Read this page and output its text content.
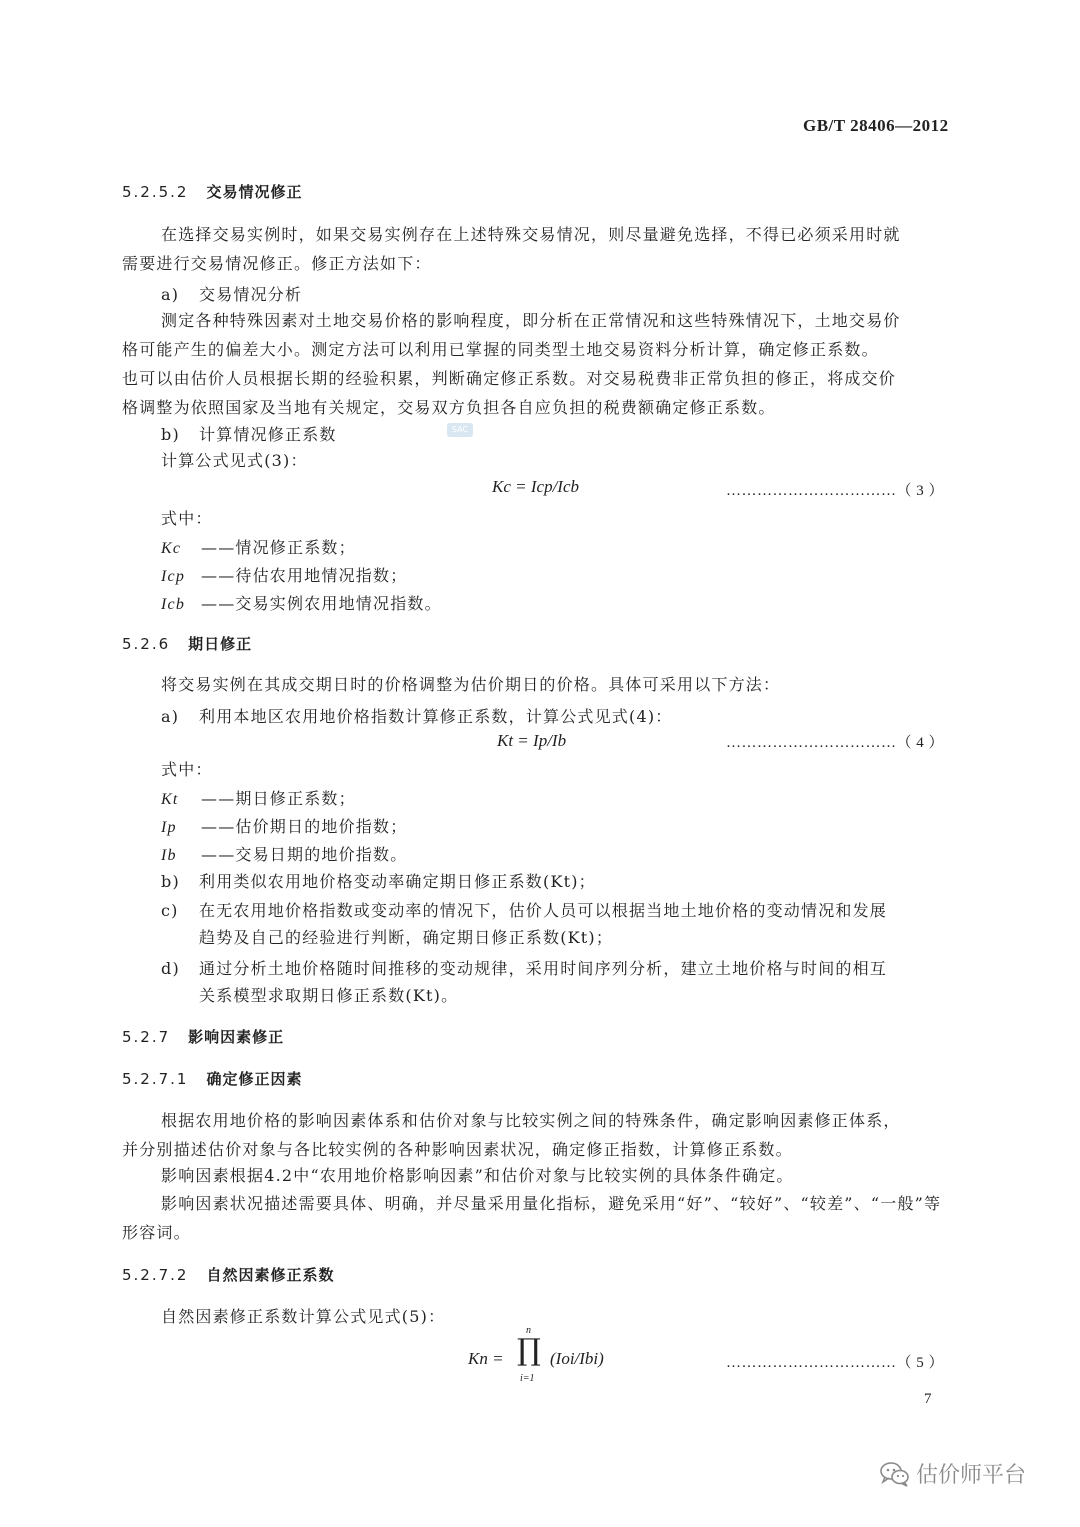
GB/T 28406—2012
5.2.5.2 交易情况修正
在选择交易实例时，如果交易实例存在上述特殊交易情况，则尽量避免选择，不得已必须采用时就
需要进行交易情况修正。修正方法如下：
a) 交易情况分析
测定各种特殊因素对土地交易价格的影响程度，即分析在正常情况和这些特殊情况下，土地交易价
格可能产生的偏差大小。测定方法可以利用已掌握的同类型土地交易资料分析计算，确定修正系数。
也可以由估价人员根据长期的经验积累，判断确定修正系数。对交易税费非正常负担的修正，将成交价
格调整为依照国家及当地有关规定，交易双方负担各自应负担的税费额确定修正系数。
SAC
b) 计算情况修正系数
计算公式见式(3)：
Kc = Icp/Icb	……………………………（ 3 ）
式中：
Kc ——情况修正系数；
Icp ——待估农用地情况指数；
Icb ——交易实例农用地情况指数。
5.2.6 期日修正
将交易实例在其成交期日时的价格调整为估价期日的价格。具体可采用以下方法：
a) 利用本地区农用地价格指数计算修正系数，计算公式见式(4)：
Kt = Ip/Ib	……………………………（ 4 ）
式中：
Kt ——期日修正系数；
Ip ——估价期日的地价指数；
Ib ——交易日期的地价指数。
b) 利用类似农用地价格变动率确定期日修正系数(Kt)；
c) 在无农用地价格指数或变动率的情况下，估价人员可以根据当地土地价格的变动情况和发展
趋势及自己的经验进行判断，确定期日修正系数(Kt)；
d) 通过分析土地价格随时间推移的变动规律，采用时间序列分析，建立土地价格与时间的相互
关系模型求取期日修正系数(Kt)。
5.2.7 影响因素修正
5.2.7.1 确定修正因素
根据农用地价格的影响因素体系和估价对象与比较实例之间的特殊条件，确定影响因素修正体系，
并分别描述估价对象与各比较实例的各种影响因素状况，确定修正指数，计算修正系数。
影响因素根据4.2中“农用地价格影响因素”和估价对象与比较实例的具体条件确定。
影响因素状况描述需要具体、明确，并尽量采用量化指标，避免采用“好”、“较好”、“较差”、“一般”等
形容词。
5.2.7.2 自然因素修正系数
自然因素修正系数计算公式见式(5)：
Kn = ∏
n
i=1
(Ioi/Ibi)	……………………………（ 5 ）
7
估价师平台
